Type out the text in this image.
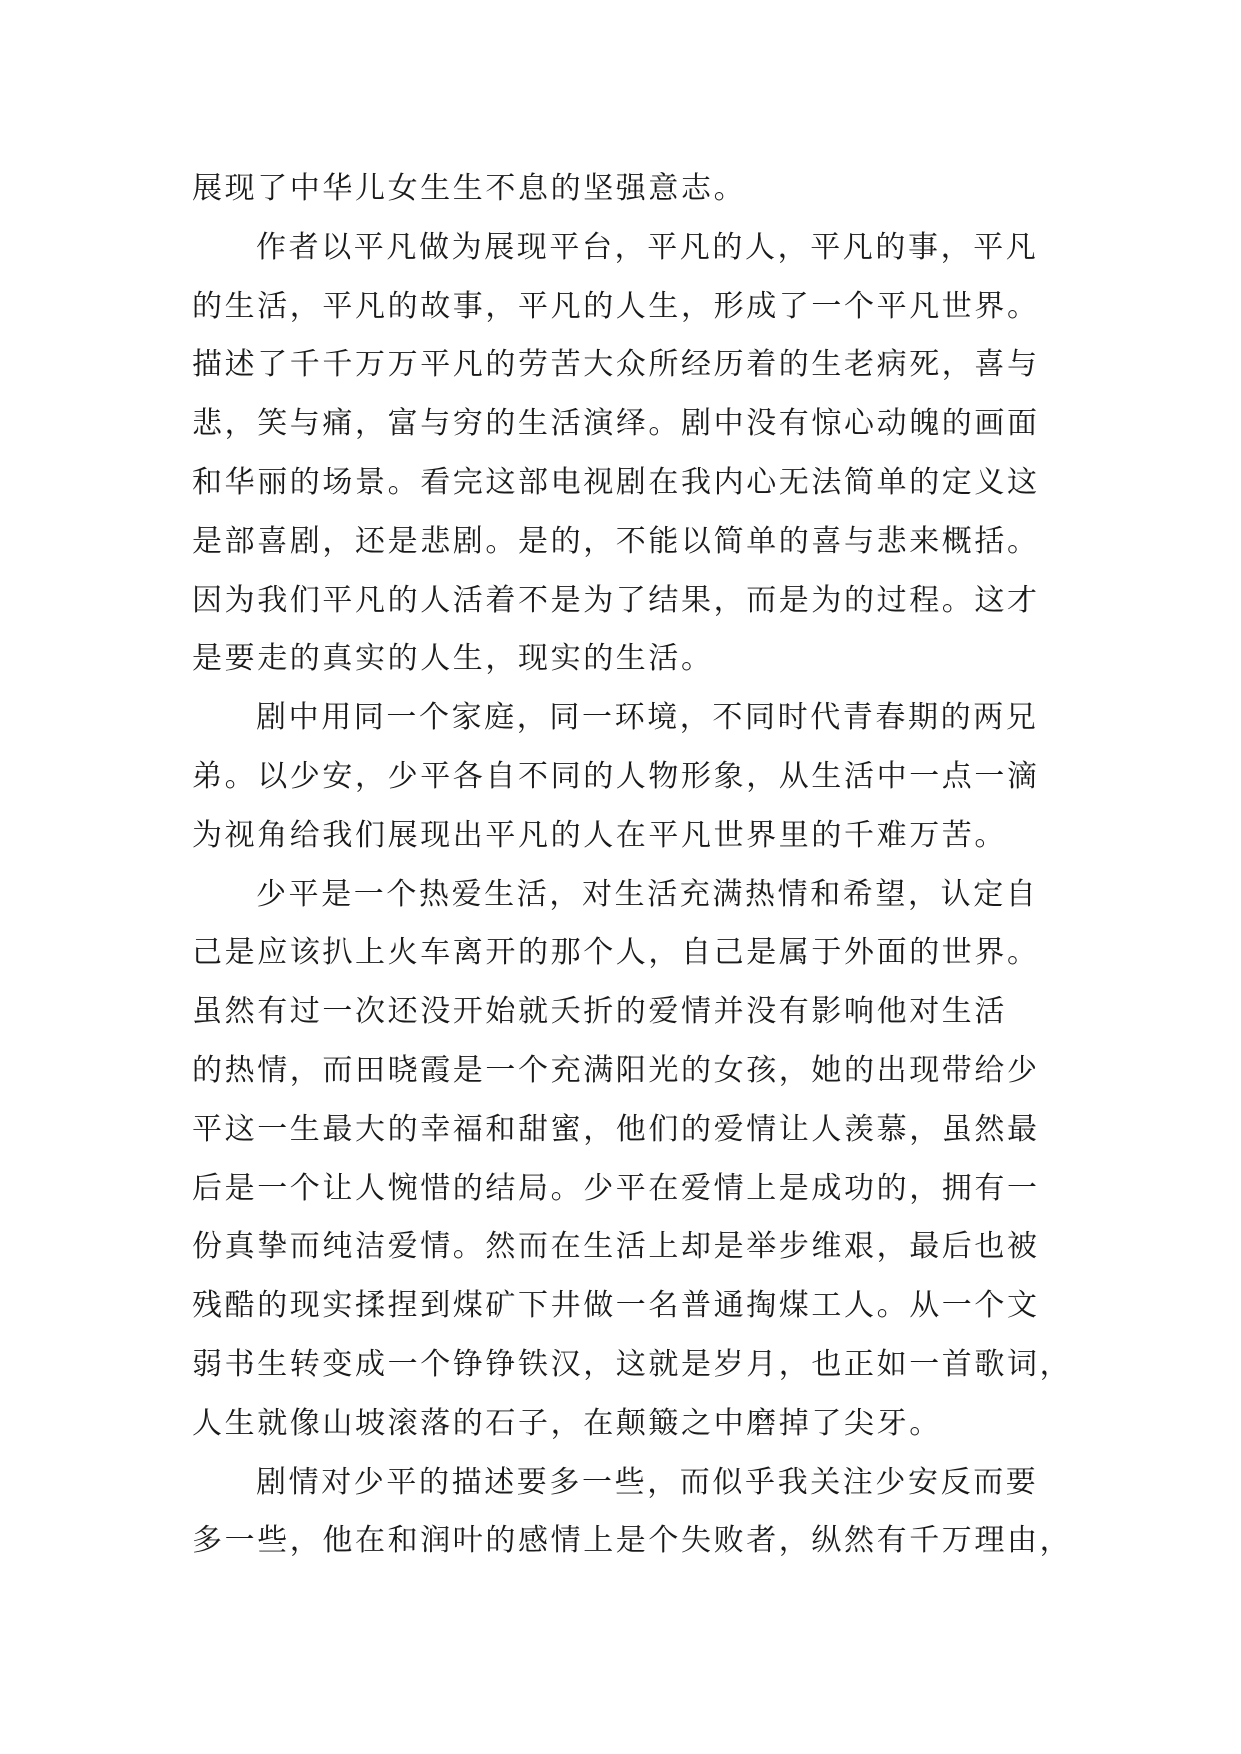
展现了中华儿女生生不息的坚强意志。
作者以平凡做为展现平台，平凡的人，平凡的事，平凡
的生活，平凡的故事，平凡的人生，形成了一个平凡世界。
描述了千千万万平凡的劳苦大众所经历着的生老病死，喜与
悲，笑与痛，富与穷的生活演绎。剧中没有惊心动魄的画面
和华丽的场景。看完这部电视剧在我内心无法简单的定义这
是部喜剧，还是悲剧。是的，不能以简单的喜与悲来概括。
因为我们平凡的人活着不是为了结果，而是为的过程。这才
是要走的真实的人生，现实的生活。
剧中用同一个家庭，同一环境，不同时代青春期的两兄
弟。以少安，少平各自不同的人物形象，从生活中一点一滴
为视角给我们展现出平凡的人在平凡世界里的千难万苦。
少平是一个热爱生活，对生活充满热情和希望，认定自
己是应该扒上火车离开的那个人，自己是属于外面的世界。
虽然有过一次还没开始就夭折的爱情并没有影响他对生活
的热情，而田晓霞是一个充满阳光的女孩，她的出现带给少
平这一生最大的幸福和甜蜜，他们的爱情让人羡慕，虽然最
后是一个让人惋惜的结局。少平在爱情上是成功的，拥有一
份真挚而纯洁爱情。然而在生活上却是举步维艰，最后也被
残酷的现实揉捏到煤矿下井做一名普通掏煤工人。从一个文
弱书生转变成一个铮铮铁汉，这就是岁月，也正如一首歌词，
人生就像山坡滚落的石子，在颠簸之中磨掉了尖牙。
剧情对少平的描述要多一些，而似乎我关注少安反而要
多一些，他在和润叶的感情上是个失败者，纵然有千万理由，
